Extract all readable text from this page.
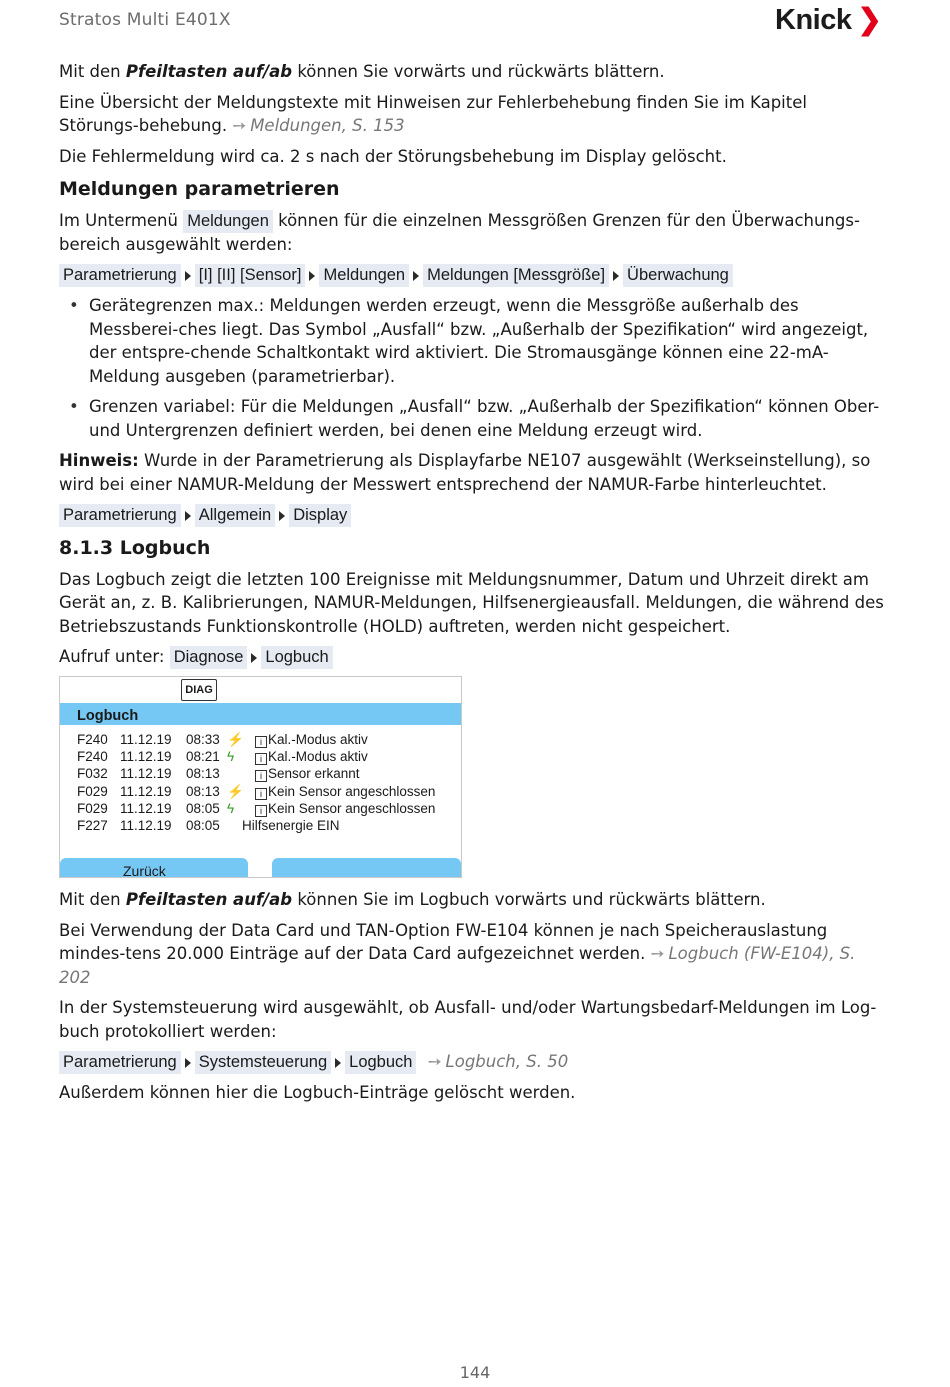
Stratos Multi E401X	Knick ❯

Mit den Pfeiltasten auf/ab können Sie vorwärts und rückwärts blättern.

Eine Übersicht der Meldungstexte mit Hinweisen zur Fehlerbehebung finden Sie im Kapitel Störungs-behebung. ➙ Meldungen, S. 153

Die Fehlermeldung wird ca. 2 s nach der Störungsbehebung im Display gelöscht.

Meldungen parametrieren

Im Untermenü Meldungen können für die einzelnen Messgrößen Grenzen für den Überwachungs-bereich ausgewählt werden:

Parametrierung [I] [II] [Sensor] Meldungen Meldungen [Messgröße] Überwachung
• Gerätegrenzen max.: Meldungen werden erzeugt, wenn die Messgröße außerhalb des Messberei-ches liegt. Das Symbol „Ausfall“ bzw. „Außerhalb der Spezifikation“ wird angezeigt, der entspre-chende Schaltkontakt wird aktiviert. Die Stromausgänge können eine 22-mA-Meldung ausgeben (parametrierbar).
• Grenzen variabel: Für die Meldungen „Ausfall“ bzw. „Außerhalb der Spezifikation“ können Ober- und Untergrenzen definiert werden, bei denen eine Meldung erzeugt wird.

Hinweis: Wurde in der Parametrierung als Displayfarbe NE107 ausgewählt (Werkseinstellung), so wird bei einer NAMUR-Meldung der Messwert entsprechend der NAMUR-Farbe hinterleuchtet.

Parametrierung Allgemein Display
8.1.3 Logbuch

Das Logbuch zeigt die letzten 100 Ereignisse mit Meldungsnummer, Datum und Uhrzeit direkt am Gerät an, z. B. Kalibrierungen, NAMUR-Meldungen, Hilfsenergieausfall. Meldungen, die während des Betriebszustands Funktionskontrolle (HOLD) auftreten, werden nicht gespeichert.

Aufruf unter: Diagnose Logbuch

DIAG
Logbuch
F240 11.12.19 08:33 ⚡	i Kal.-Modus aktiv
F240 11.12.19 08:21 ϟ	i Kal.-Modus aktiv
F032 11.12.19 08:13	i Sensor erkannt
F029 11.12.19 08:13 ⚡	i Kein Sensor angeschlossen
F029 11.12.19 08:05 ϟ	i Kein Sensor angeschlossen
F227 11.12.19 08:05 Hilfsenergie EIN
Zurück

Mit den Pfeiltasten auf/ab können Sie im Logbuch vorwärts und rückwärts blättern.

Bei Verwendung der Data Card und TAN-Option FW-E104 können je nach Speicherauslastung mindes-tens 20.000 Einträge auf der Data Card aufgezeichnet werden. ➙ Logbuch (FW-E104), S. 202

In der Systemsteuerung wird ausgewählt, ob Ausfall- und/oder Wartungsbedarf-Meldungen im Log-buch protokolliert werden:

Parametrierung Systemsteuerung Logbuch ➙ Logbuch, S. 50

Außerdem können hier die Logbuch-Einträge gelöscht werden.

144
